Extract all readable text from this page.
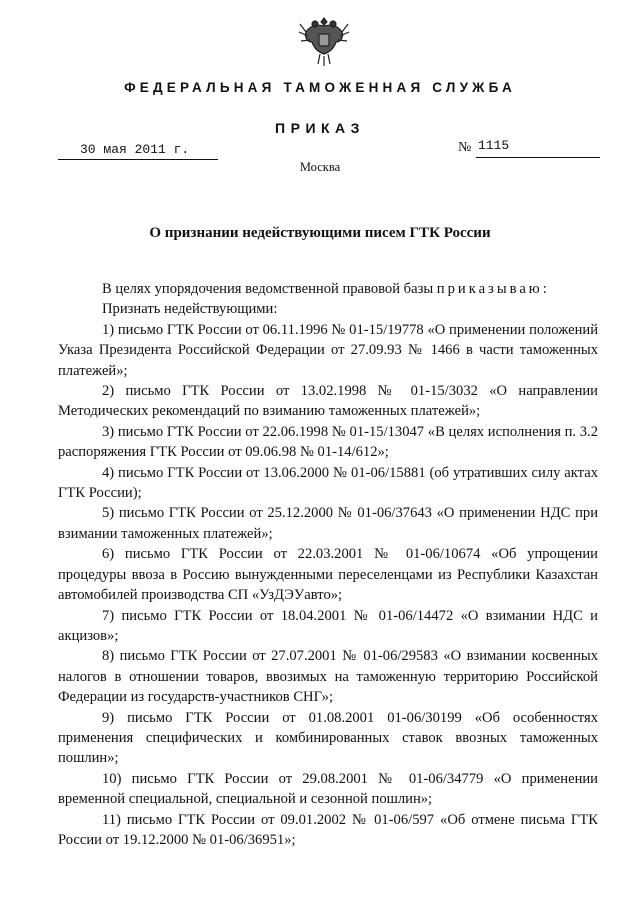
ФЕДЕРАЛЬНАЯ ТАМОЖЕННАЯ СЛУЖБА
ПРИКАЗ
30 мая 2011 г.	№ 1115
Москва
О признании недействующими писем ГТК России

В целях упорядочения ведомственной правовой базы приказываю:

Признать недействующими:

1) письмо ГТК России от 06.11.1996 № 01-15/19778 «О применении положений Указа Президента Российской Федерации от 27.09.93 № 1466 в части таможенных платежей»;

2) письмо ГТК России от 13.02.1998 № 01-15/3032 «О направлении Методических рекомендаций по взиманию таможенных платежей»;

3) письмо ГТК России от 22.06.1998 № 01-15/13047 «В целях исполнения п. 3.2 распоряжения ГТК России от 09.06.98 № 01-14/612»;

4) письмо ГТК России от 13.06.2000 № 01-06/15881 (об утративших силу актах ГТК России);

5) письмо ГТК России от 25.12.2000 № 01-06/37643 «О применении НДС при взимании таможенных платежей»;

6) письмо ГТК России от 22.03.2001 № 01-06/10674 «Об упрощении процедуры ввоза в Россию вынужденными переселенцами из Республики Казахстан автомобилей производства СП «УзДЭУавто»;

7) письмо ГТК России от 18.04.2001 № 01-06/14472 «О взимании НДС и акцизов»;

8) письмо ГТК России от 27.07.2001 № 01-06/29583 «О взимании косвенных налогов в отношении товаров, ввозимых на таможенную территорию Российской Федерации из государств-участников СНГ»;

9) письмо ГТК России от 01.08.2001 01-06/30199 «Об особенностях применения специфических и комбинированных ставок ввозных таможенных пошлин»;

10) письмо ГТК России от 29.08.2001 № 01-06/34779 «О применении временной специальной, специальной и сезонной пошлин»;

11) письмо ГТК России от 09.01.2002 № 01-06/597 «Об отмене письма ГТК России от 19.12.2000 № 01-06/36951»;
